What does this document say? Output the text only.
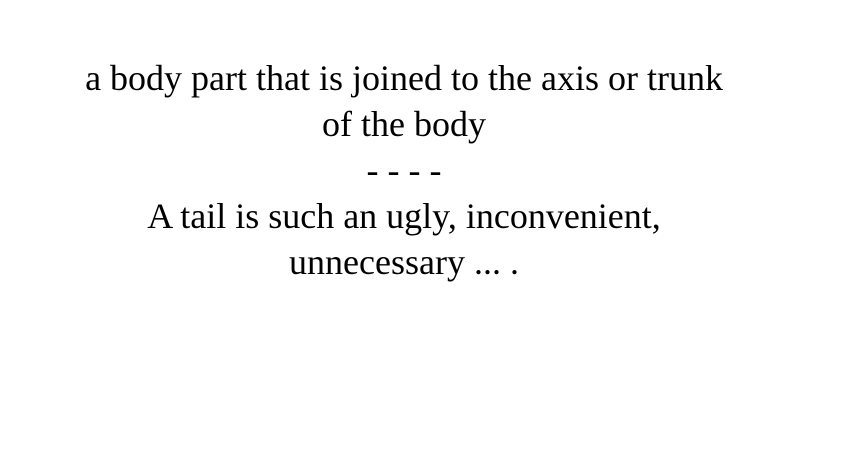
a body part that is joined to the axis or trunk
of the body
- - - -
A tail is such an ugly, inconvenient,
unnecessary ... .
